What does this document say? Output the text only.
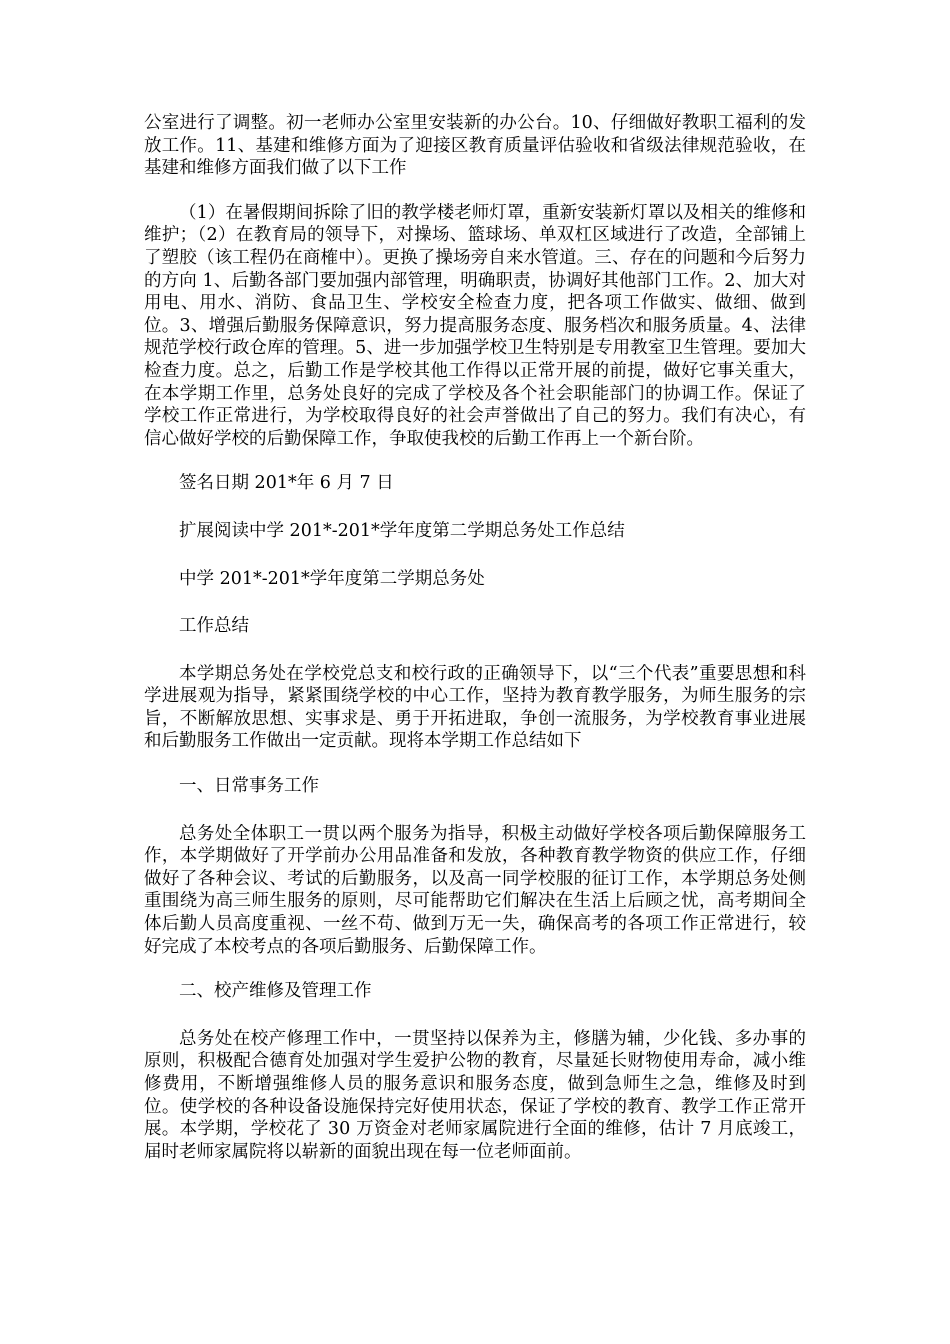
公室进行了调整。初一老师办公室里安装新的办公台。10、仔细做好教职工福利的发放工作。11、基建和维修方面为了迎接区教育质量评估验收和省级法律规范验收，在基建和维修方面我们做了以下工作

（1）在暑假期间拆除了旧的教学楼老师灯罩，重新安装新灯罩以及相关的维修和维护；（2）在教育局的领导下，对操场、篮球场、单双杠区域进行了改造，全部铺上了塑胶（该工程仍在商榷中）。更换了操场旁自来水管道。三、存在的问题和今后努力的方向 1、后勤各部门要加强内部管理，明确职责，协调好其他部门工作。2、加大对用电、用水、消防、食品卫生、学校安全检查力度，把各项工作做实、做细、做到位。3、增强后勤服务保障意识，努力提高服务态度、服务档次和服务质量。4、法律规范学校行政仓库的管理。5、进一步加强学校卫生特别是专用教室卫生管理。要加大检查力度。总之，后勤工作是学校其他工作得以正常开展的前提，做好它事关重大，在本学期工作里，总务处良好的完成了学校及各个社会职能部门的协调工作。保证了学校工作正常进行，为学校取得良好的社会声誉做出了自己的努力。我们有决心，有信心做好学校的后勤保障工作，争取使我校的后勤工作再上一个新台阶。

签名日期 201*年 6 月 7 日

扩展阅读中学 201*-201*学年度第二学期总务处工作总结

中学 201*-201*学年度第二学期总务处

工作总结

本学期总务处在学校党总支和校行政的正确领导下，以“三个代表”重要思想和科学进展观为指导，紧紧围绕学校的中心工作，坚持为教育教学服务，为师生服务的宗旨，不断解放思想、实事求是、勇于开拓进取，争创一流服务，为学校教育事业进展和后勤服务工作做出一定贡献。现将本学期工作总结如下

一、日常事务工作

总务处全体职工一贯以两个服务为指导，积极主动做好学校各项后勤保障服务工作，本学期做好了开学前办公用品准备和发放，各种教育教学物资的供应工作，仔细做好了各种会议、考试的后勤服务，以及高一同学校服的征订工作，本学期总务处侧重围绕为高三师生服务的原则，尽可能帮助它们解决在生活上后顾之忧，高考期间全体后勤人员高度重视、一丝不苟、做到万无一失，确保高考的各项工作正常进行，较好完成了本校考点的各项后勤服务、后勤保障工作。

二、校产维修及管理工作

总务处在校产修理工作中，一贯坚持以保养为主，修膳为辅，少化钱、多办事的原则，积极配合德育处加强对学生爱护公物的教育，尽量延长财物使用寿命，减小维修费用，不断增强维修人员的服务意识和服务态度，做到急师生之急，维修及时到位。使学校的各种设备设施保持完好使用状态，保证了学校的教育、教学工作正常开展。本学期，学校花了 30 万资金对老师家属院进行全面的维修，估计 7 月底竣工，届时老师家属院将以崭新的面貌出现在每一位老师面前。
